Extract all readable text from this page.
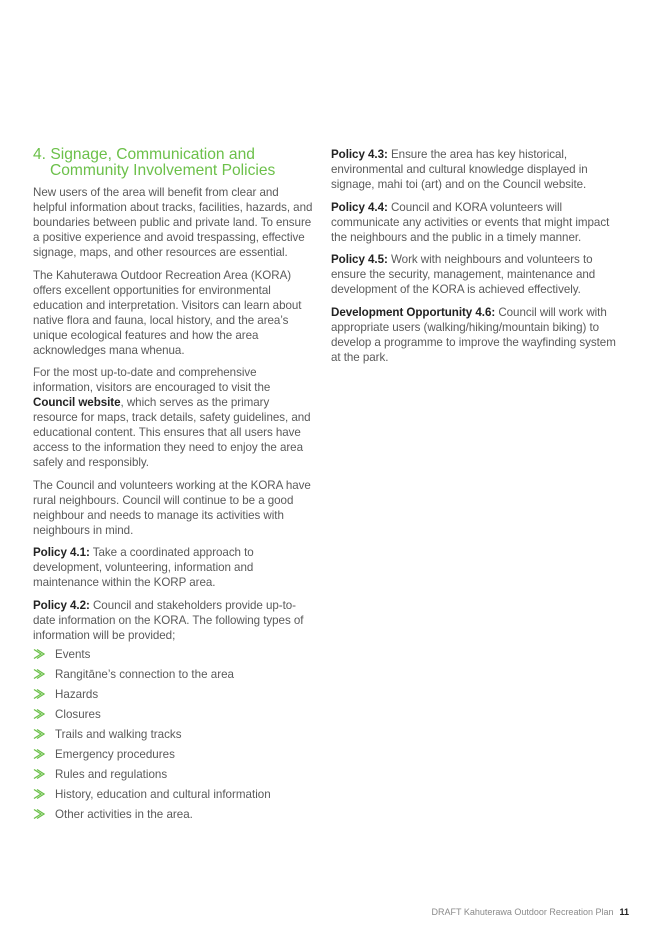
4. Signage, Communication and
Community Involvement Policies

New users of the area will benefit from clear and helpful information about tracks, facilities, hazards, and boundaries between public and private land. To ensure a positive experience and avoid trespassing, effective signage, maps, and other resources are essential.

The Kahuterawa Outdoor Recreation Area (KORA) offers excellent opportunities for environmental education and interpretation. Visitors can learn about native flora and fauna, local history, and the area’s unique ecological features and how the area acknowledges mana whenua.

For the most up-to-date and comprehensive information, visitors are encouraged to visit the Council website, which serves as the primary resource for maps, track details, safety guidelines, and educational content. This ensures that all users have access to the information they need to enjoy the area safely and responsibly.

The Council and volunteers working at the KORA have rural neighbours. Council will continue to be a good neighbour and needs to manage its activities with neighbours in mind.

Policy 4.1: Take a coordinated approach to development, volunteering, information and maintenance within the KORP area.

Policy 4.2: Council and stakeholders provide up-to-date information on the KORA. The following types of information will be provided;

Events
Rangitāne’s connection to the area
Hazards
Closures
Trails and walking tracks
Emergency procedures
Rules and regulations
History, education and cultural information
Other activities in the area.

Policy 4.3: Ensure the area has key historical, environmental and cultural knowledge displayed in signage, mahi toi (art) and on the Council website.

Policy 4.4: Council and KORA volunteers will communicate any activities or events that might impact the neighbours and the public in a timely manner.

Policy 4.5: Work with neighbours and volunteers to ensure the security, management, maintenance and development of the KORA is achieved effectively.

Development Opportunity 4.6: Council will work with appropriate users (walking/hiking/mountain biking) to develop a programme to improve the wayfinding system at the park.

DRAFT Kahuterawa Outdoor Recreation Plan 11
